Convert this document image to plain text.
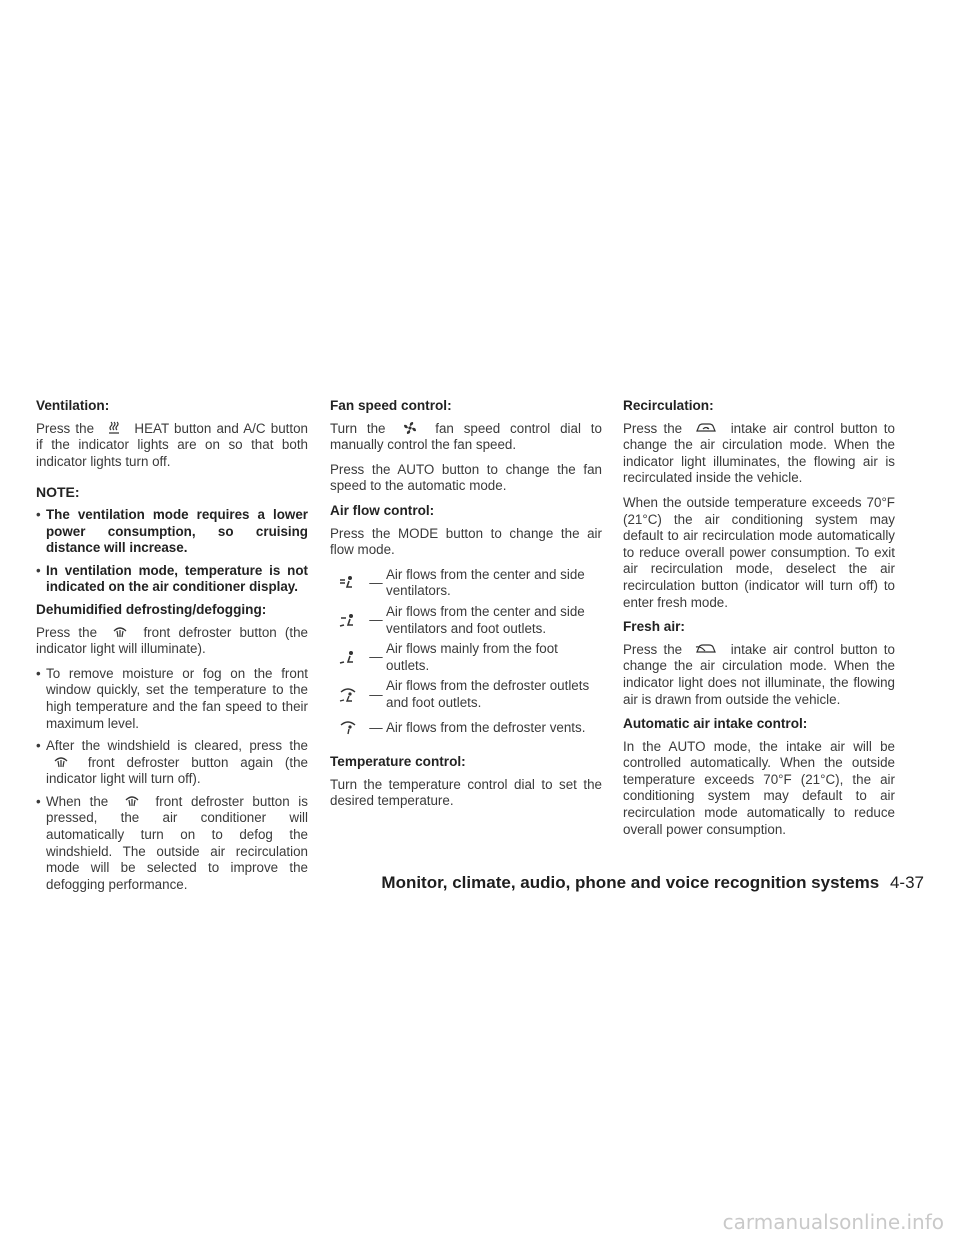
Ventilation:

Press the	HEAT button and A/C button if the indicator lights are on so that both indicator lights turn off.

NOTE:
• The ventilation mode requires a lower power consumption, so cruising distance will increase.
• In ventilation mode, temperature is not indicated on the air conditioner display.
Dehumidified defrosting/defogging:

Press the	front defroster button (the indicator light will illuminate).

• To remove moisture or fog on the front window quickly, set the temperature to the high temperature and the fan speed to their maximum level.
• After the windshield is cleared, press the  front defroster button again (the indicator light will turn off).
• When the	front defroster button is pressed, the air conditioner will automatically turn on to defog the windshield. The outside air recirculation mode will be selected to improve the defogging performance.
Fan speed control:

Turn the	fan speed control dial to manually control the fan speed.

Press the AUTO button to change the fan speed to the automatic mode.

Air flow control:

Press the MODE button to change the air flow mode.

—
Air flows from the center and side ventilators.
—
Air flows from the center and side ventilators and foot outlets.
—
Air flows mainly from the foot outlets.
—
Air flows from the defroster outlets and foot outlets.
— Air flows from the defroster vents.
Temperature control:

Turn the temperature control dial to set the desired temperature.

Recirculation:

Press the	intake air control button to change the air circulation mode. When the indicator light illuminates, the flowing air is recirculated inside the vehicle.

When the outside temperature exceeds 70°F (21°C) the air conditioning system may default to air recirculation mode automatically to reduce overall power consumption. To exit air recirculation mode, deselect the air recirculation button (indicator will turn off) to enter fresh mode.

Fresh air:

Press the	intake air control button to change the air circulation mode. When the indicator light does not illuminate, the flowing air is drawn from outside the vehicle.

Automatic air intake control:

In the AUTO mode, the intake air will be controlled automatically. When the outside temperature exceeds 70°F (21°C), the air conditioning system may default to air recirculation mode automatically to reduce overall power consumption.

Monitor, climate, audio, phone and voice recognition systems 4-37
carmanualsonline.info
